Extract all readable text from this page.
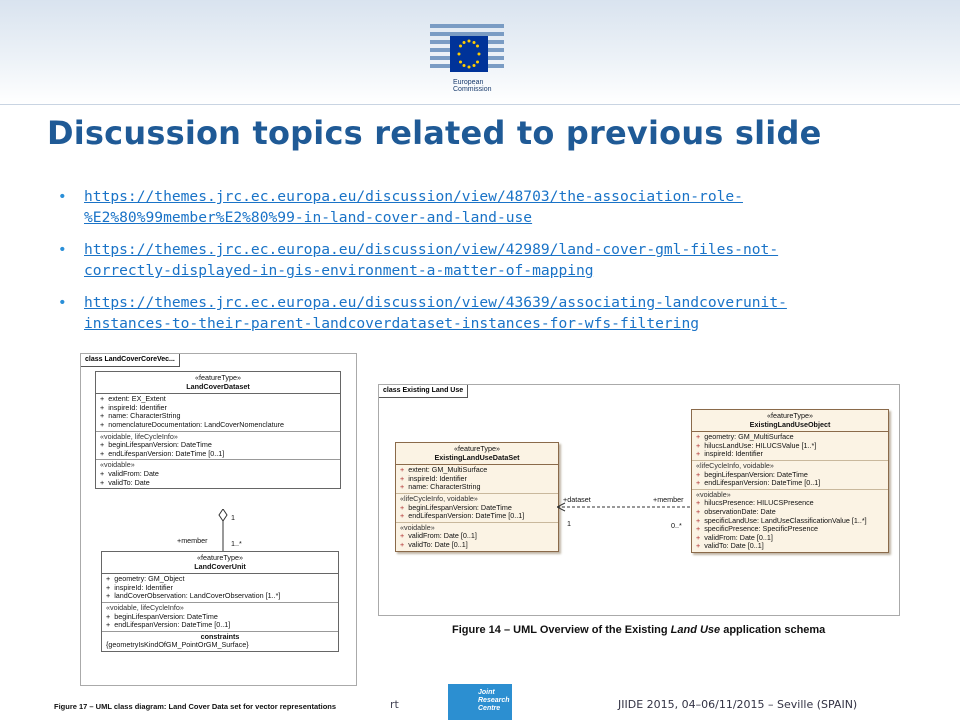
European
Commission
Discussion topics related to previous slide
• https://themes.jrc.ec.europa.eu/discussion/view/48703/the-association-role-
%E2%80%99member%E2%80%99-in-land-cover-and-land-use
• https://themes.jrc.ec.europa.eu/discussion/view/42989/land-cover-gml-files-not-
correctly-displayed-in-gis-environment-a-matter-of-mapping
• https://themes.jrc.ec.europa.eu/discussion/view/43639/associating-landcoverunit-
instances-to-their-parent-landcoverdataset-instances-for-wfs-filtering
class LandCoverCoreVec...
«featureType»
LandCoverDataset
+  extent: EX_Extent
+  inspireId: Identifier
+  name: CharacterString
+  nomenclatureDocumentation: LandCoverNomenclature
«voidable, lifeCycleInfo»
+  beginLifespanVersion: DateTime
+  endLifespanVersion: DateTime [0..1]
«voidable»
+  validFrom: Date
+  validTo: Date
1
+member	1..*
«featureType»
LandCoverUnit
+  geometry: GM_Object
+  inspireId: Identifier
+  landCoverObservation: LandCoverObservation [1..*]
«voidable, lifeCycleInfo»
+  beginLifespanVersion: DateTime
+  endLifespanVersion: DateTime [0..1]
constraints
{geometryIsKindOfGM_PointOrGM_Surface}
Figure 17 – UML class diagram: Land Cover Data set for vector representations
class Existing Land Use
«featureType»
ExistingLandUseDataSet
+ extent: GM_MultiSurface
+ inspireId: Identifier
+ name: CharacterString
«lifeCycleInfo, voidable»
+ beginLifespanVersion: DateTime
+ endLifespanVersion: DateTime [0..1]
«voidable»
+ validFrom: Date [0..1]
+ validTo: Date [0..1]
+dataset	+member
1	0..*
«featureType»
ExistingLandUseObject
+ geometry: GM_MultiSurface
+ hilucsLandUse: HILUCSValue [1..*]
+ inspireId: Identifier
«lifeCycleInfo, voidable»
+ beginLifespanVersion: DateTime
+ endLifespanVersion: DateTime [0..1]
«voidable»
+ hilucsPresence: HILUCSPresence
+ observationDate: Date
+ specificLandUse: LandUseClassificationValue [1..*]
+ specificPresence: SpecificPresence
+ validFrom: Date [0..1]
+ validTo: Date [0..1]
Figure 14 – UML Overview of the Existing Land Use application schema
rt
Joint
Research
Centre	JIIDE 2015, 04–06/11/2015 – Seville (SPAIN)
